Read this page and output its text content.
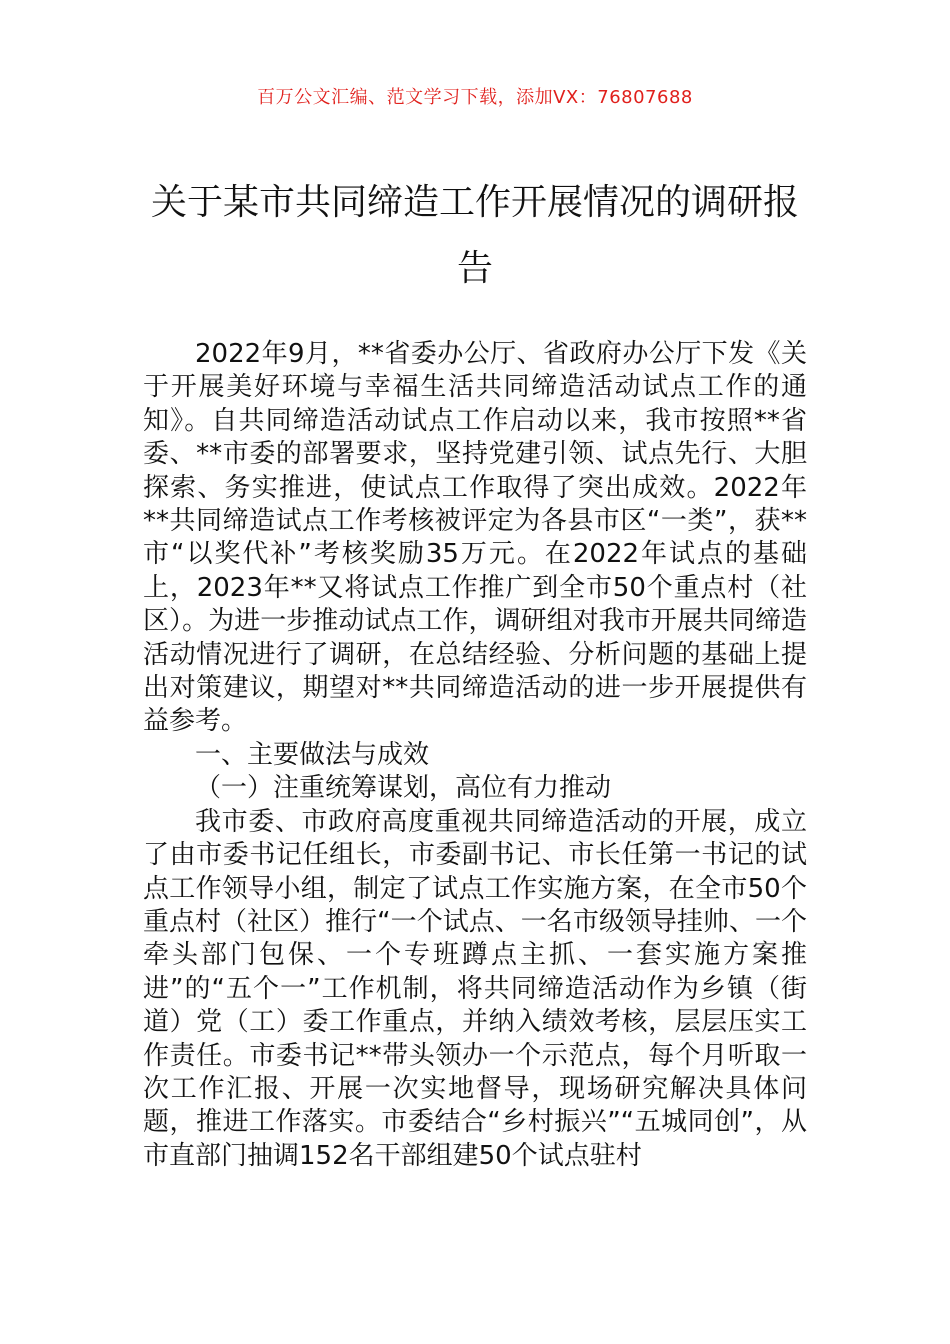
百万公文汇编、范文学习下载，添加VX：76807688
关于某市共同缔造工作开展情况的调研报告

2022年9月，**省委办公厅、省政府办公厅下发《关于开展美好环境与幸福生活共同缔造活动试点工作的通知》。自共同缔造活动试点工作启动以来，我市按照**省委、**市委的部署要求，坚持党建引领、试点先行、大胆探索、务实推进，使试点工作取得了突出成效。2022年**共同缔造试点工作考核被评定为各县市区“一类”，获**市“以奖代补”考核奖励35万元。在2022年试点的基础上，2023年**又将试点工作推广到全市50个重点村（社区）。为进一步推动试点工作，调研组对我市开展共同缔造活动情况进行了调研，在总结经验、分析问题的基础上提出对策建议，期望对**共同缔造活动的进一步开展提供有益参考。

一、主要做法与成效

（一）注重统筹谋划，高位有力推动

我市委、市政府高度重视共同缔造活动的开展，成立了由市委书记任组长，市委副书记、市长任第一书记的试点工作领导小组，制定了试点工作实施方案，在全市50个重点村（社区）推行“一个试点、一名市级领导挂帅、一个牵头部门包保、一个专班蹲点主抓、一套实施方案推进”的“五个一”工作机制，将共同缔造活动作为乡镇（街道）党（工）委工作重点，并纳入绩效考核，层层压实工作责任。市委书记**带头领办一个示范点，每个月听取一次工作汇报、开展一次实地督导，现场研究解决具体问题，推进工作落实。市委结合“乡村振兴”“五城同创”，从市直部门抽调152名干部组建50个试点驻村
